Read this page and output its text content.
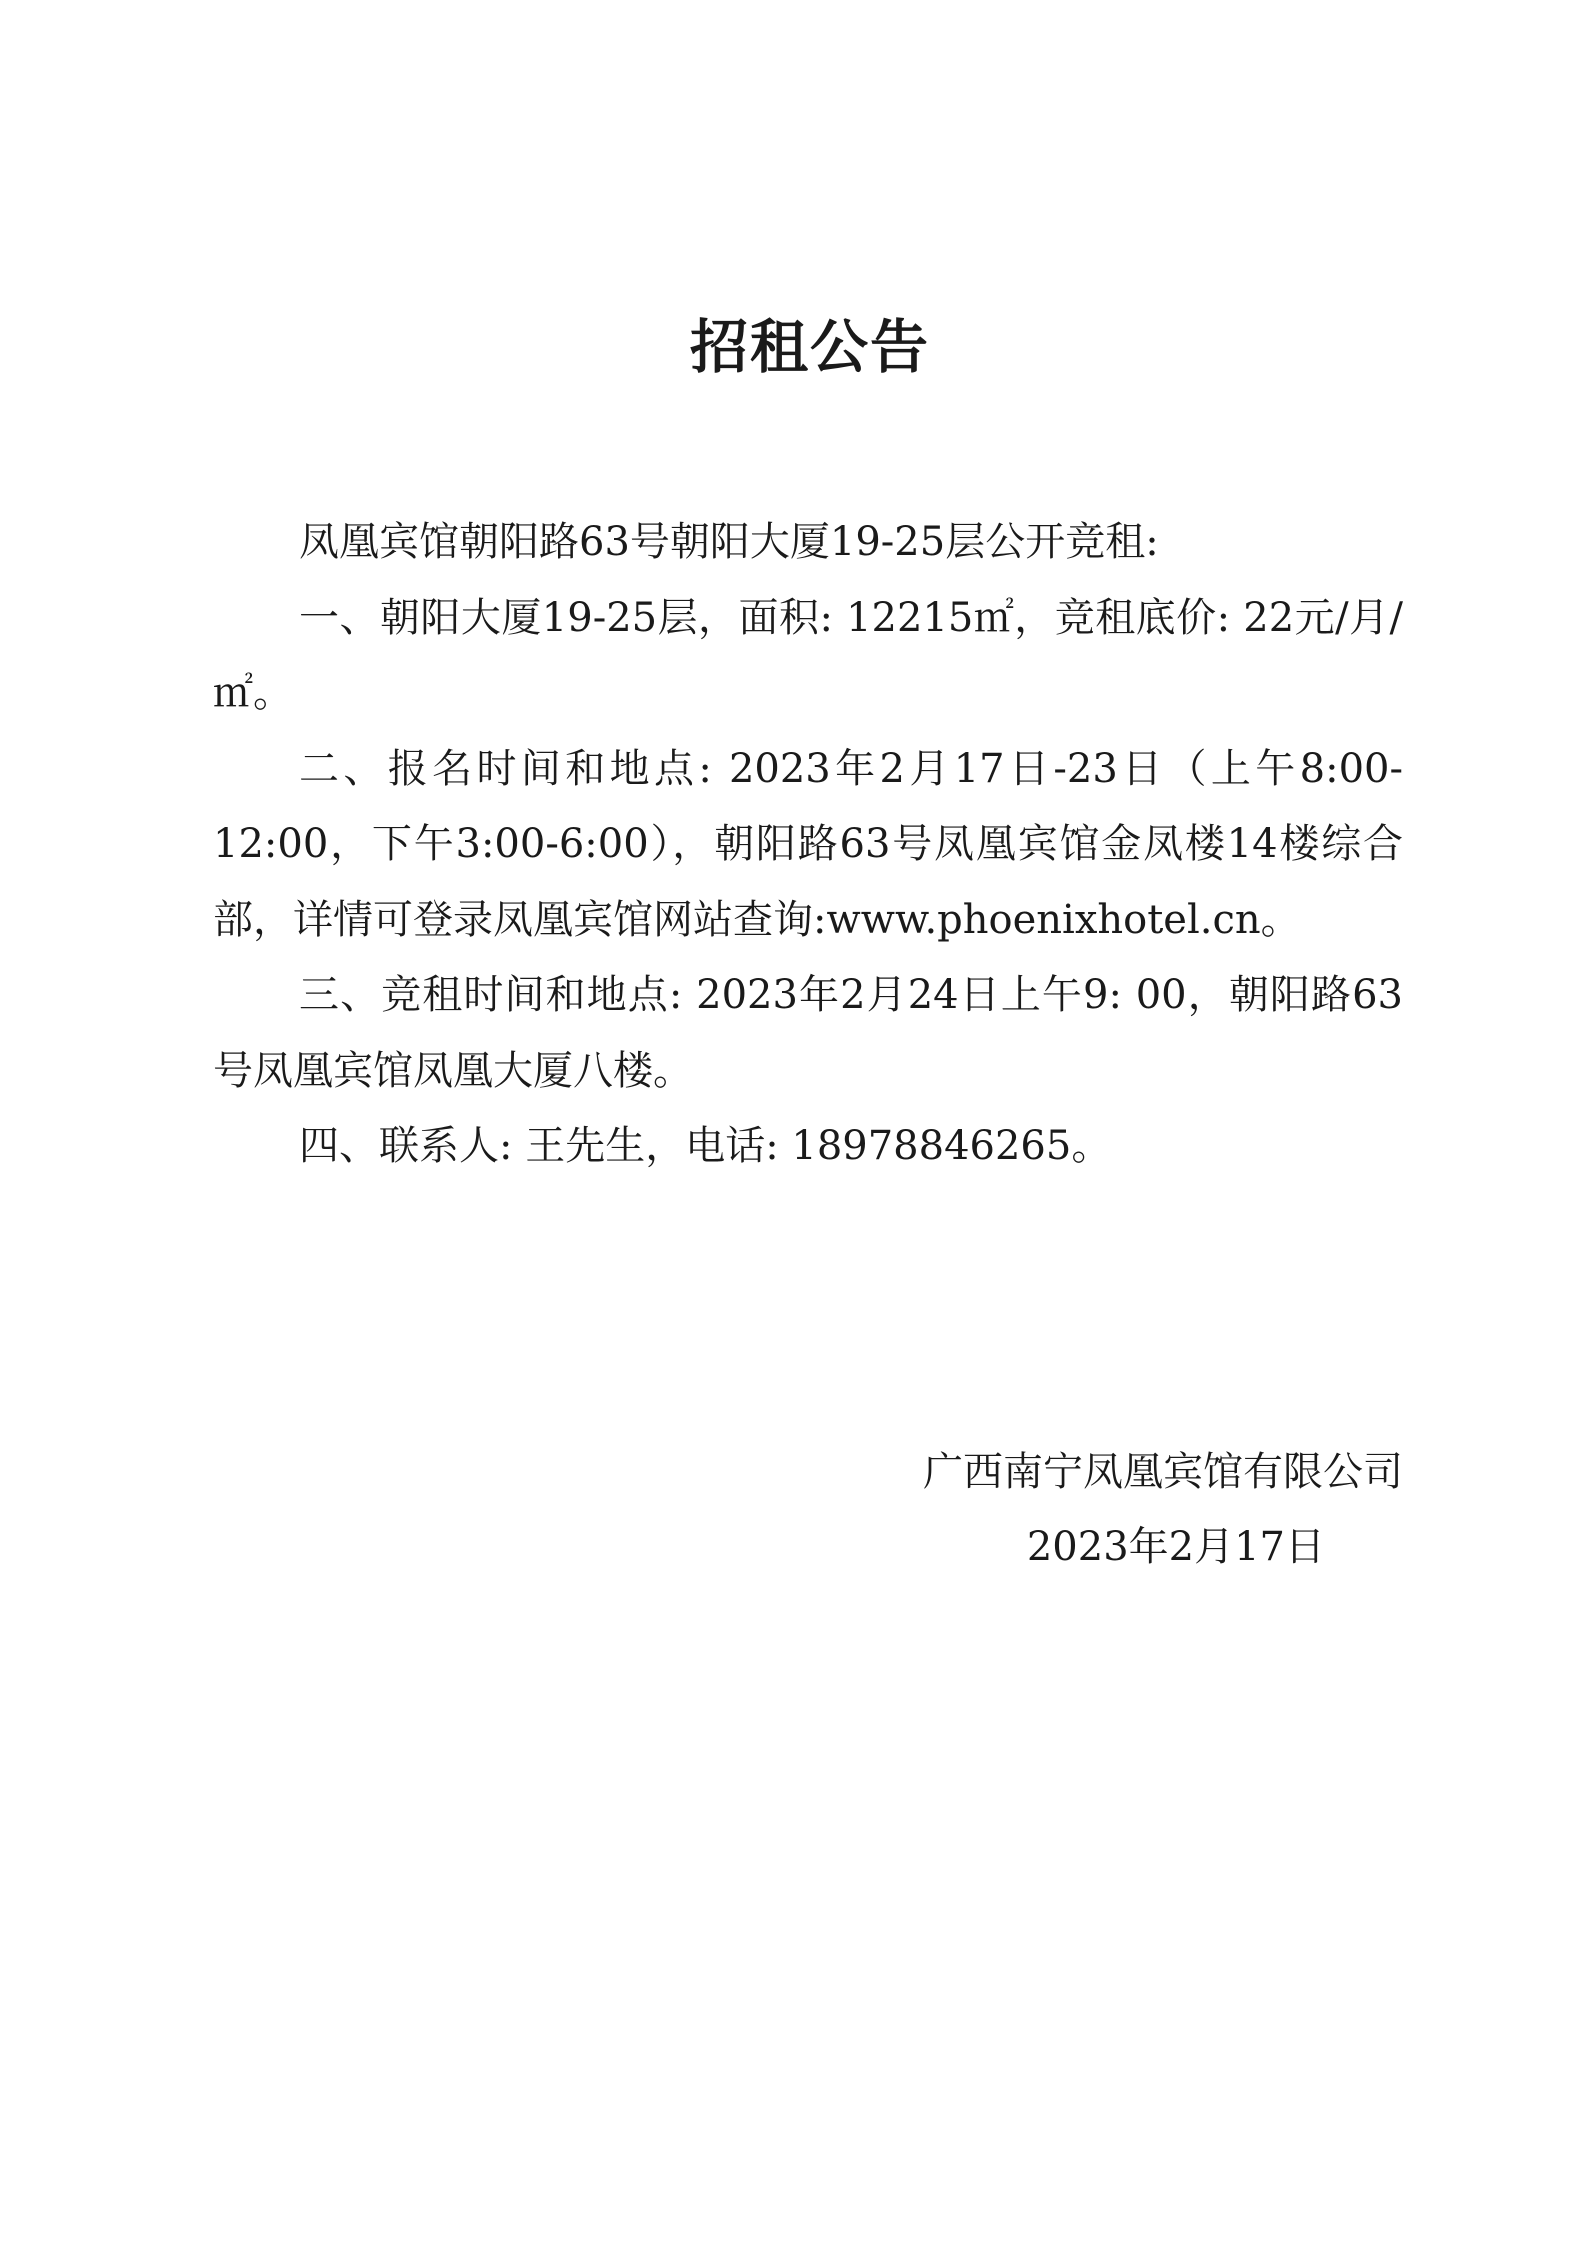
招租公告

凤凰宾馆朝阳路63号朝阳大厦19-25层公开竞租:

一、朝阳大厦19-25层，面积: 12215㎡，竞租底价: 22元/月/㎡。

二、报名时间和地点: 2023年2月17日-23日（上午8:00-12:00，下午3:00-6:00），朝阳路63号凤凰宾馆金凤楼14楼综合部，详情可登录凤凰宾馆网站查询:www.phoenixhotel.cn。

三、竞租时间和地点: 2023年2月24日上午9: 00，朝阳路63号凤凰宾馆凤凰大厦八楼。

四、联系人: 王先生，电话: 18978846265。

广西南宁凤凰宾馆有限公司
2023年2月17日
